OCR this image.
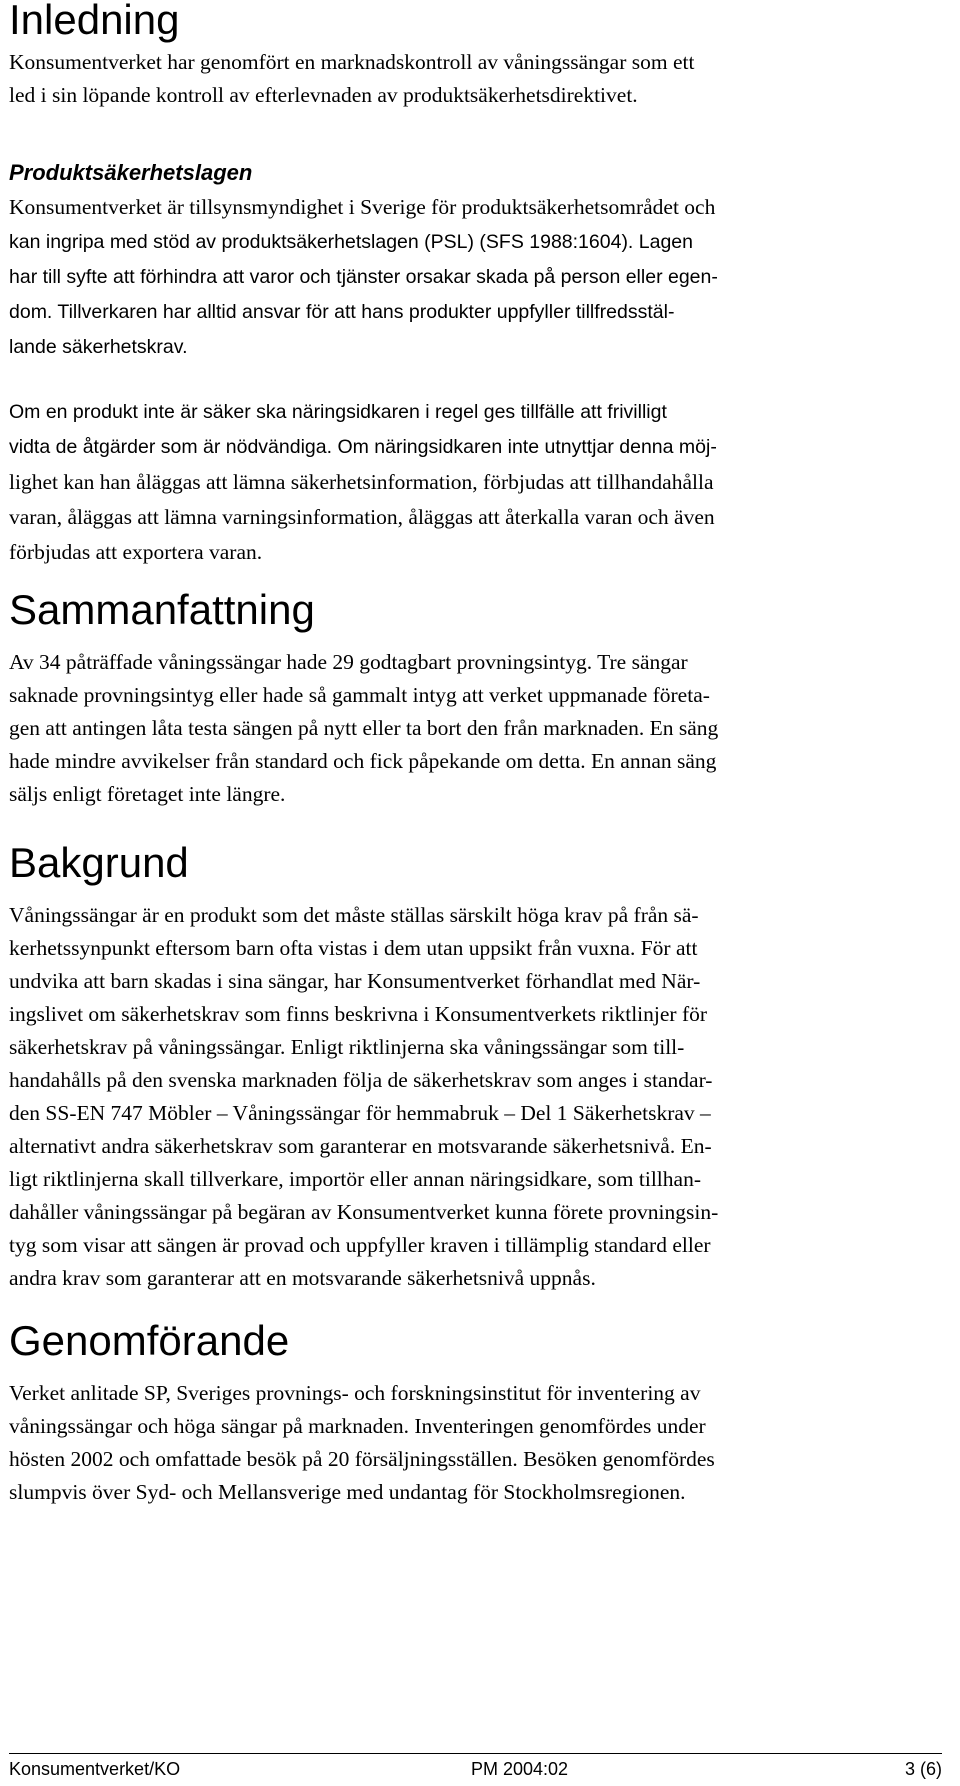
Inledning
Konsumentverket har genomfört en marknadskontroll av våningssängar som ett
led i sin löpande kontroll av efterlevnaden av produktsäkerhetsdirektivet.
Produktsäkerhetslagen
Konsumentverket är tillsynsmyndighet i Sverige för produktsäkerhetsområdet och
kan ingripa med stöd av produktsäkerhetslagen (PSL) (SFS 1988:1604). Lagen
har till syfte att förhindra att varor och tjänster orsakar skada på person eller egen-
dom. Tillverkaren har alltid ansvar för att hans produkter uppfyller tillfredsstäl-
lande säkerhetskrav.
Om en produkt inte är säker ska näringsidkaren i regel ges tillfälle att frivilligt
vidta de åtgärder som är nödvändiga. Om näringsidkaren inte utnyttjar denna möj-
lighet kan han åläggas att lämna säkerhetsinformation, förbjudas att tillhandahålla
varan, åläggas att lämna varningsinformation, åläggas att återkalla varan och även
förbjudas att exportera varan.
Sammanfattning
Av 34 påträffade våningssängar hade 29 godtagbart provningsintyg. Tre sängar
saknade provningsintyg eller hade så gammalt intyg att verket uppmanade företa-
gen att antingen låta testa sängen på nytt eller ta bort den från marknaden. En säng
hade mindre avvikelser från standard och fick påpekande om detta. En annan säng
säljs enligt företaget inte längre.
Bakgrund
Våningssängar är en produkt som det måste ställas särskilt höga krav på från sä-
kerhetssynpunkt eftersom barn ofta vistas i dem utan uppsikt från vuxna. För att
undvika att barn skadas i sina sängar, har Konsumentverket förhandlat med När-
ingslivet om säkerhetskrav som finns beskrivna i Konsumentverkets riktlinjer för
säkerhetskrav på våningssängar. Enligt riktlinjerna ska våningssängar som till-
handahålls på den svenska marknaden följa de säkerhetskrav som anges i standar-
den SS-EN 747 Möbler – Våningssängar för hemmabruk – Del 1 Säkerhetskrav –
alternativt andra säkerhetskrav som garanterar en motsvarande säkerhetsnivå. En-
ligt riktlinjerna skall tillverkare, importör eller annan näringsidkare, som tillhan-
dahåller våningssängar på begäran av Konsumentverket kunna förete provningsin-
tyg som visar att sängen är provad och uppfyller kraven i tillämplig standard eller
andra krav som garanterar att en motsvarande säkerhetsnivå uppnås.
Genomförande
Verket anlitade SP, Sveriges provnings- och forskningsinstitut för inventering av
våningssängar och höga sängar på marknaden. Inventeringen genomfördes under
hösten 2002 och omfattade besök på 20 försäljningsställen. Besöken genomfördes
slumpvis över Syd- och Mellansverige med undantag för Stockholmsregionen.
Konsumentverket/KO	PM 2004:02	3 (6)
